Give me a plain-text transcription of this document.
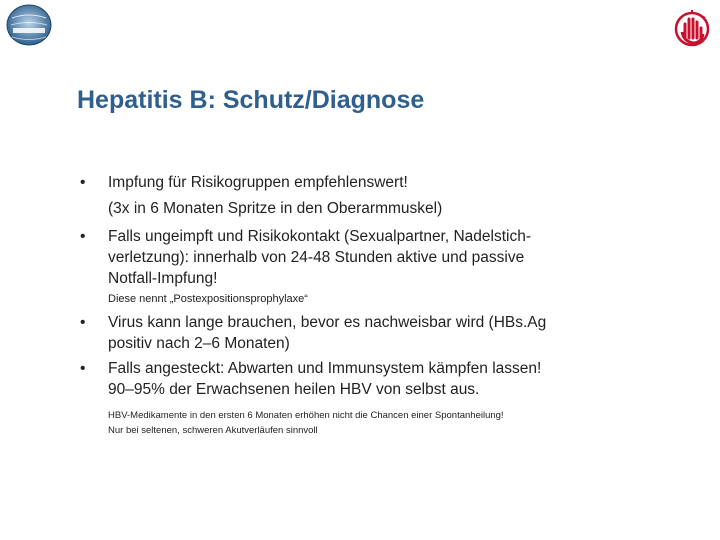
Hepatitis B: Schutz/Diagnose
• Impfung für Risikogruppen empfehlenswert!

(3x in 6 Monaten Spritze in den Oberarmmuskel)

• Falls ungeimpft und Risikokontakt (Sexualpartner, Nadelstich-

verletzung): innerhalb von 24-48 Stunden aktive und passive

Notfall-Impfung!

Diese nennt „Postexpositionsprophylaxe“

• Virus kann lange brauchen, bevor es nachweisbar wird (HBs.Ag

positiv nach 2–6 Monaten)

• Falls angesteckt: Abwarten und Immunsystem kämpfen lassen!

90–95% der Erwachsenen heilen HBV von selbst aus.

HBV-Medikamente in den ersten 6 Monaten erhöhen nicht die Chancen einer Spontanheilung!

Nur bei seltenen, schweren Akutverläufen sinnvoll
